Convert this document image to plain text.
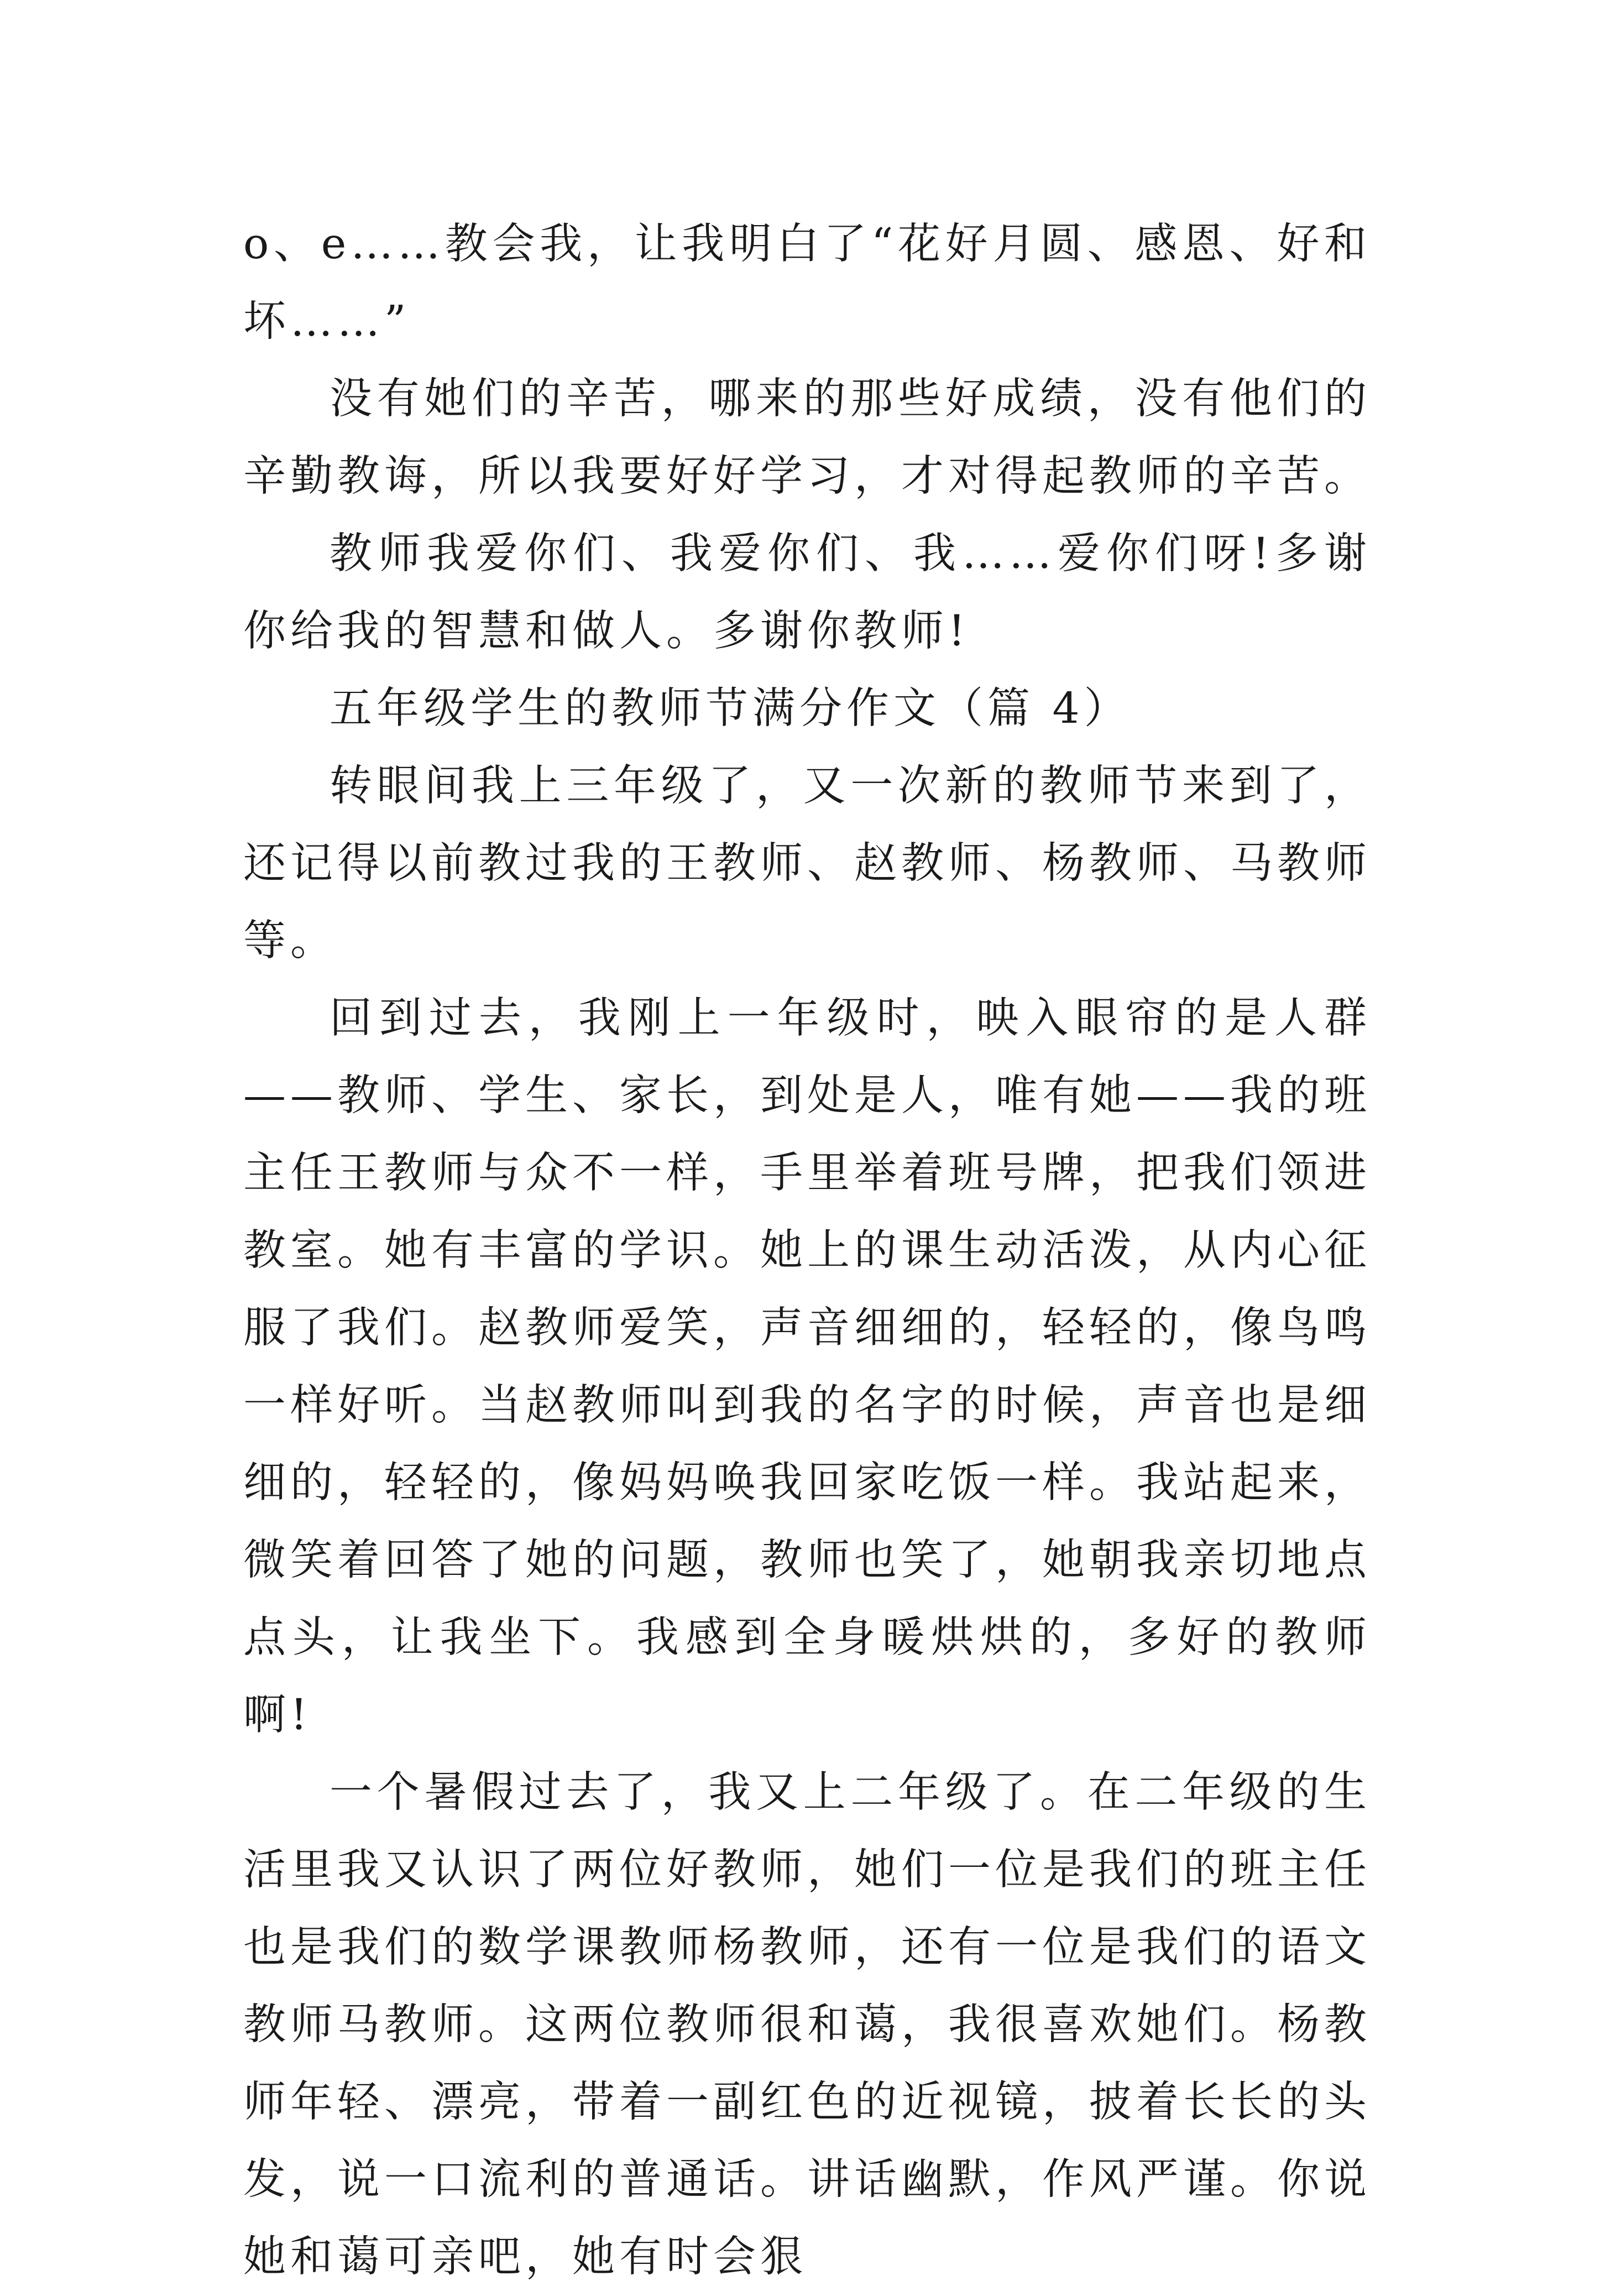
o、e……教会我，让我明白了“花好月圆、感恩、好和坏……”

没有她们的辛苦，哪来的那些好成绩，没有他们的辛勤教诲，所以我要好好学习，才对得起教师的辛苦。

教师我爱你们、我爱你们、我……爱你们呀!多谢你给我的智慧和做人。多谢你教师!

五年级学生的教师节满分作文（篇 4）

转眼间我上三年级了，又一次新的教师节来到了，还记得以前教过我的王教师、赵教师、杨教师、马教师等。

回到过去，我刚上一年级时，映入眼帘的是人群——教师、学生、家长，到处是人，唯有她——我的班主任王教师与众不一样，手里举着班号牌，把我们领进教室。她有丰富的学识。她上的课生动活泼，从内心征服了我们。赵教师爱笑，声音细细的，轻轻的，像鸟鸣一样好听。当赵教师叫到我的名字的时候，声音也是细细的，轻轻的，像妈妈唤我回家吃饭一样。我站起来，微笑着回答了她的问题，教师也笑了，她朝我亲切地点点头，让我坐下。我感到全身暖烘烘的，多好的教师啊!

一个暑假过去了，我又上二年级了。在二年级的生活里我又认识了两位好教师，她们一位是我们的班主任也是我们的数学课教师杨教师，还有一位是我们的语文教师马教师。这两位教师很和蔼，我很喜欢她们。杨教师年轻、漂亮，带着一副红色的近视镜，披着长长的头发，说一口流利的普通话。讲话幽默，作风严谨。你说她和蔼可亲吧，她有时会狠
